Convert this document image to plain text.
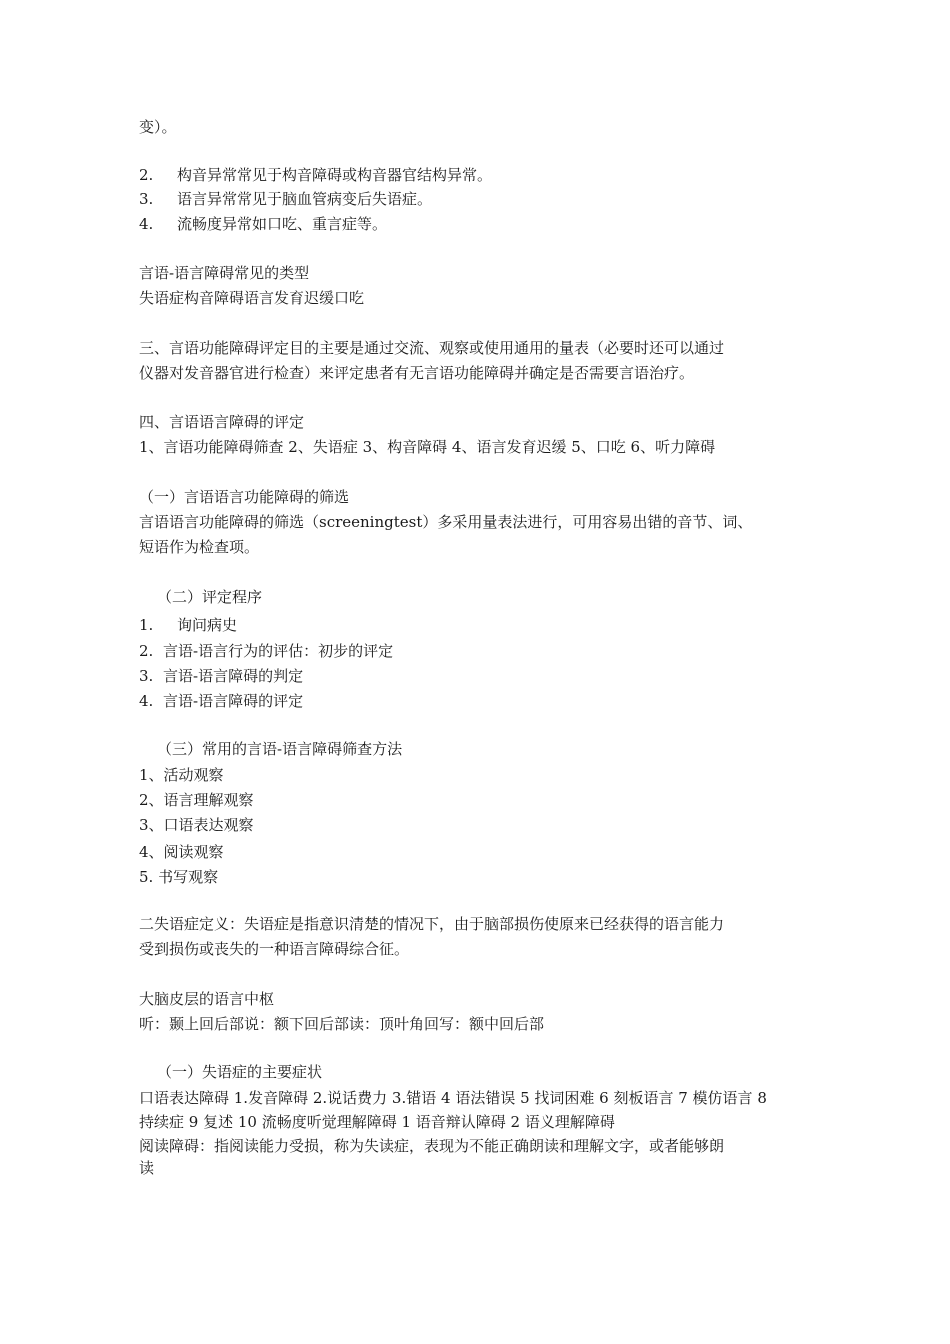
变）。
2. 构音异常常见于构音障碍或构音器官结构异常。
3. 语言异常常见于脑血管病变后失语症。
4. 流畅度异常如口吃、重言症等。
言语-语言障碍常见的类型
失语症构音障碍语言发育迟缓口吃
三、言语功能障碍评定目的主要是通过交流、观察或使用通用的量表（必要时还可以通过
仪器对发音器官进行检查）来评定患者有无言语功能障碍并确定是否需要言语治疗。
四、言语语言障碍的评定
1、言语功能障碍筛查 2、失语症 3、构音障碍 4、语言发育迟缓 5、口吃 6、听力障碍
（一）言语语言功能障碍的筛选
言语语言功能障碍的筛选（screeningtest）多采用量表法进行，可用容易出错的音节、词、
短语作为检查项。
（二）评定程序
1. 询问病史
2. 言语-语言行为的评估：初步的评定
3. 言语-语言障碍的判定
4. 言语-语言障碍的评定
（三）常用的言语-语言障碍筛查方法
1、活动观察
2、语言理解观察
3、口语表达观察
4、阅读观察
5. 书写观察
二失语症定义：失语症是指意识清楚的情况下，由于脑部损伤使原来已经获得的语言能力
受到损伤或丧失的一种语言障碍综合征。
大脑皮层的语言中枢
听：颞上回后部说：额下回后部读：顶叶角回写：额中回后部
（一）失语症的主要症状
口语表达障碍 1.发音障碍 2.说话费力 3.错语 4 语法错误 5 找词困难 6 刻板语言 7 模仿语言 8
持续症 9 复述 10 流畅度听觉理解障碍 1 语音辩认障碍 2 语义理解障碍
阅读障碍：指阅读能力受损，称为失读症，表现为不能正确朗读和理解文字，或者能够朗
读
